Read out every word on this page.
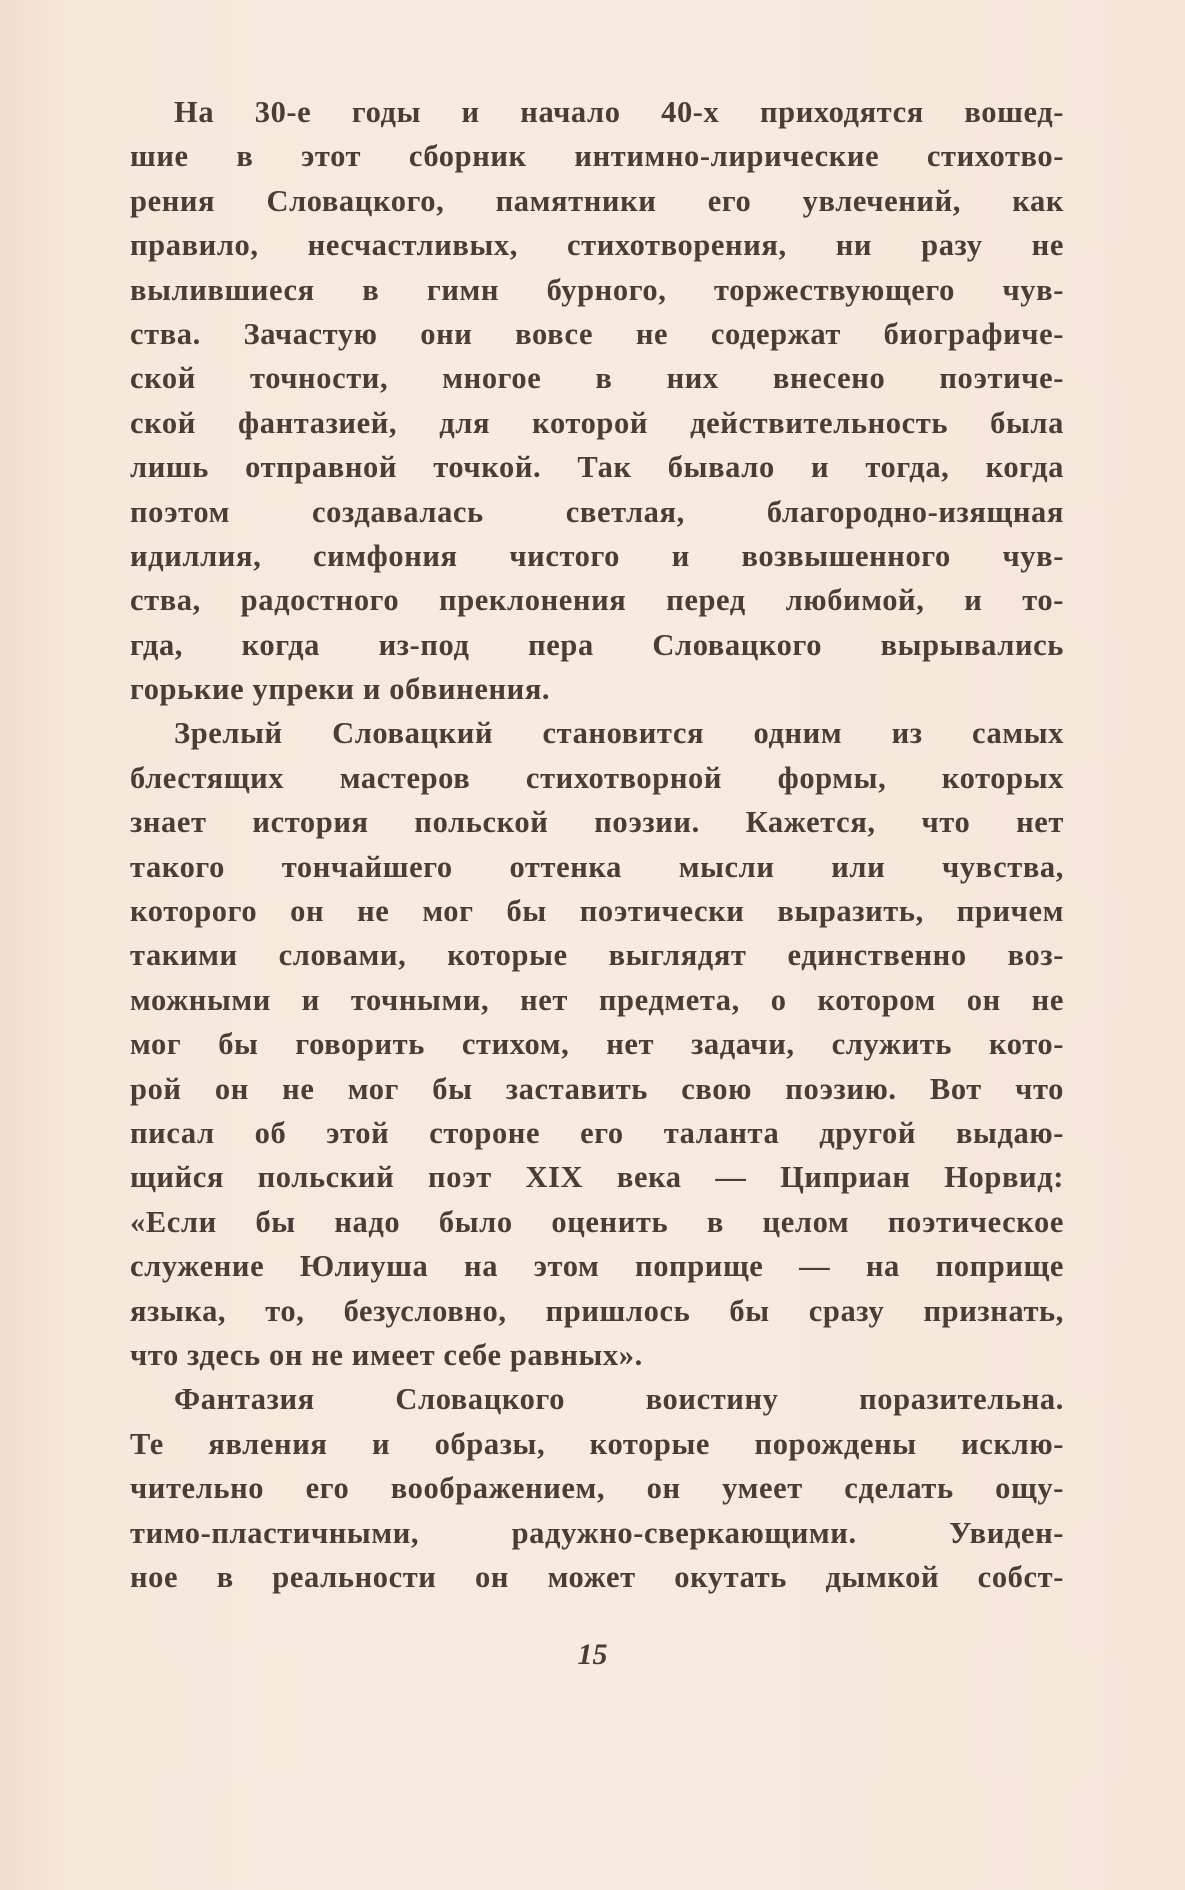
На 30-е годы и начало 40-х приходятся вошед-
шие в этот сборник интимно-лирические стихотво-
рения Словацкого, памятники его увлечений, как
правило, несчастливых, стихотворения, ни разу не
вылившиеся в гимн бурного, торжествующего чув-
ства. Зачастую они вовсе не содержат биографиче-
ской точности, многое в них внесено поэтиче-
ской фантазией, для которой действительность была
лишь отправной точкой. Так бывало и тогда, когда
поэтом создавалась светлая, благородно-изящная
идиллия, симфония чистого и возвышенного чув-
ства, радостного преклонения перед любимой, и то-
гда, когда из-под пера Словацкого вырывались
горькие упреки и обвинения.
Зрелый Словацкий становится одним из самых
блестящих мастеров стихотворной формы, которых
знает история польской поэзии. Кажется, что нет
такого тончайшего оттенка мысли или чувства,
которого он не мог бы поэтически выразить, причем
такими словами, которые выглядят единственно воз-
можными и точными, нет предмета, о котором он не
мог бы говорить стихом, нет задачи, служить кото-
рой он не мог бы заставить свою поэзию. Вот что
писал об этой стороне его таланта другой выдаю-
щийся польский поэт XIX века — Циприан Норвид:
«Если бы надо было оценить в целом поэтическое
служение Юлиуша на этом поприще — на поприще
языка, то, безусловно, пришлось бы сразу признать,
что здесь он не имеет себе равных».
Фантазия Словацкого воистину поразительна.
Те явления и образы, которые порождены исклю-
чительно его воображением, он умеет сделать ощу-
тимо-пластичными, радужно-сверкающими. Увиден-
ное в реальности он может окутать дымкой собст-
15
